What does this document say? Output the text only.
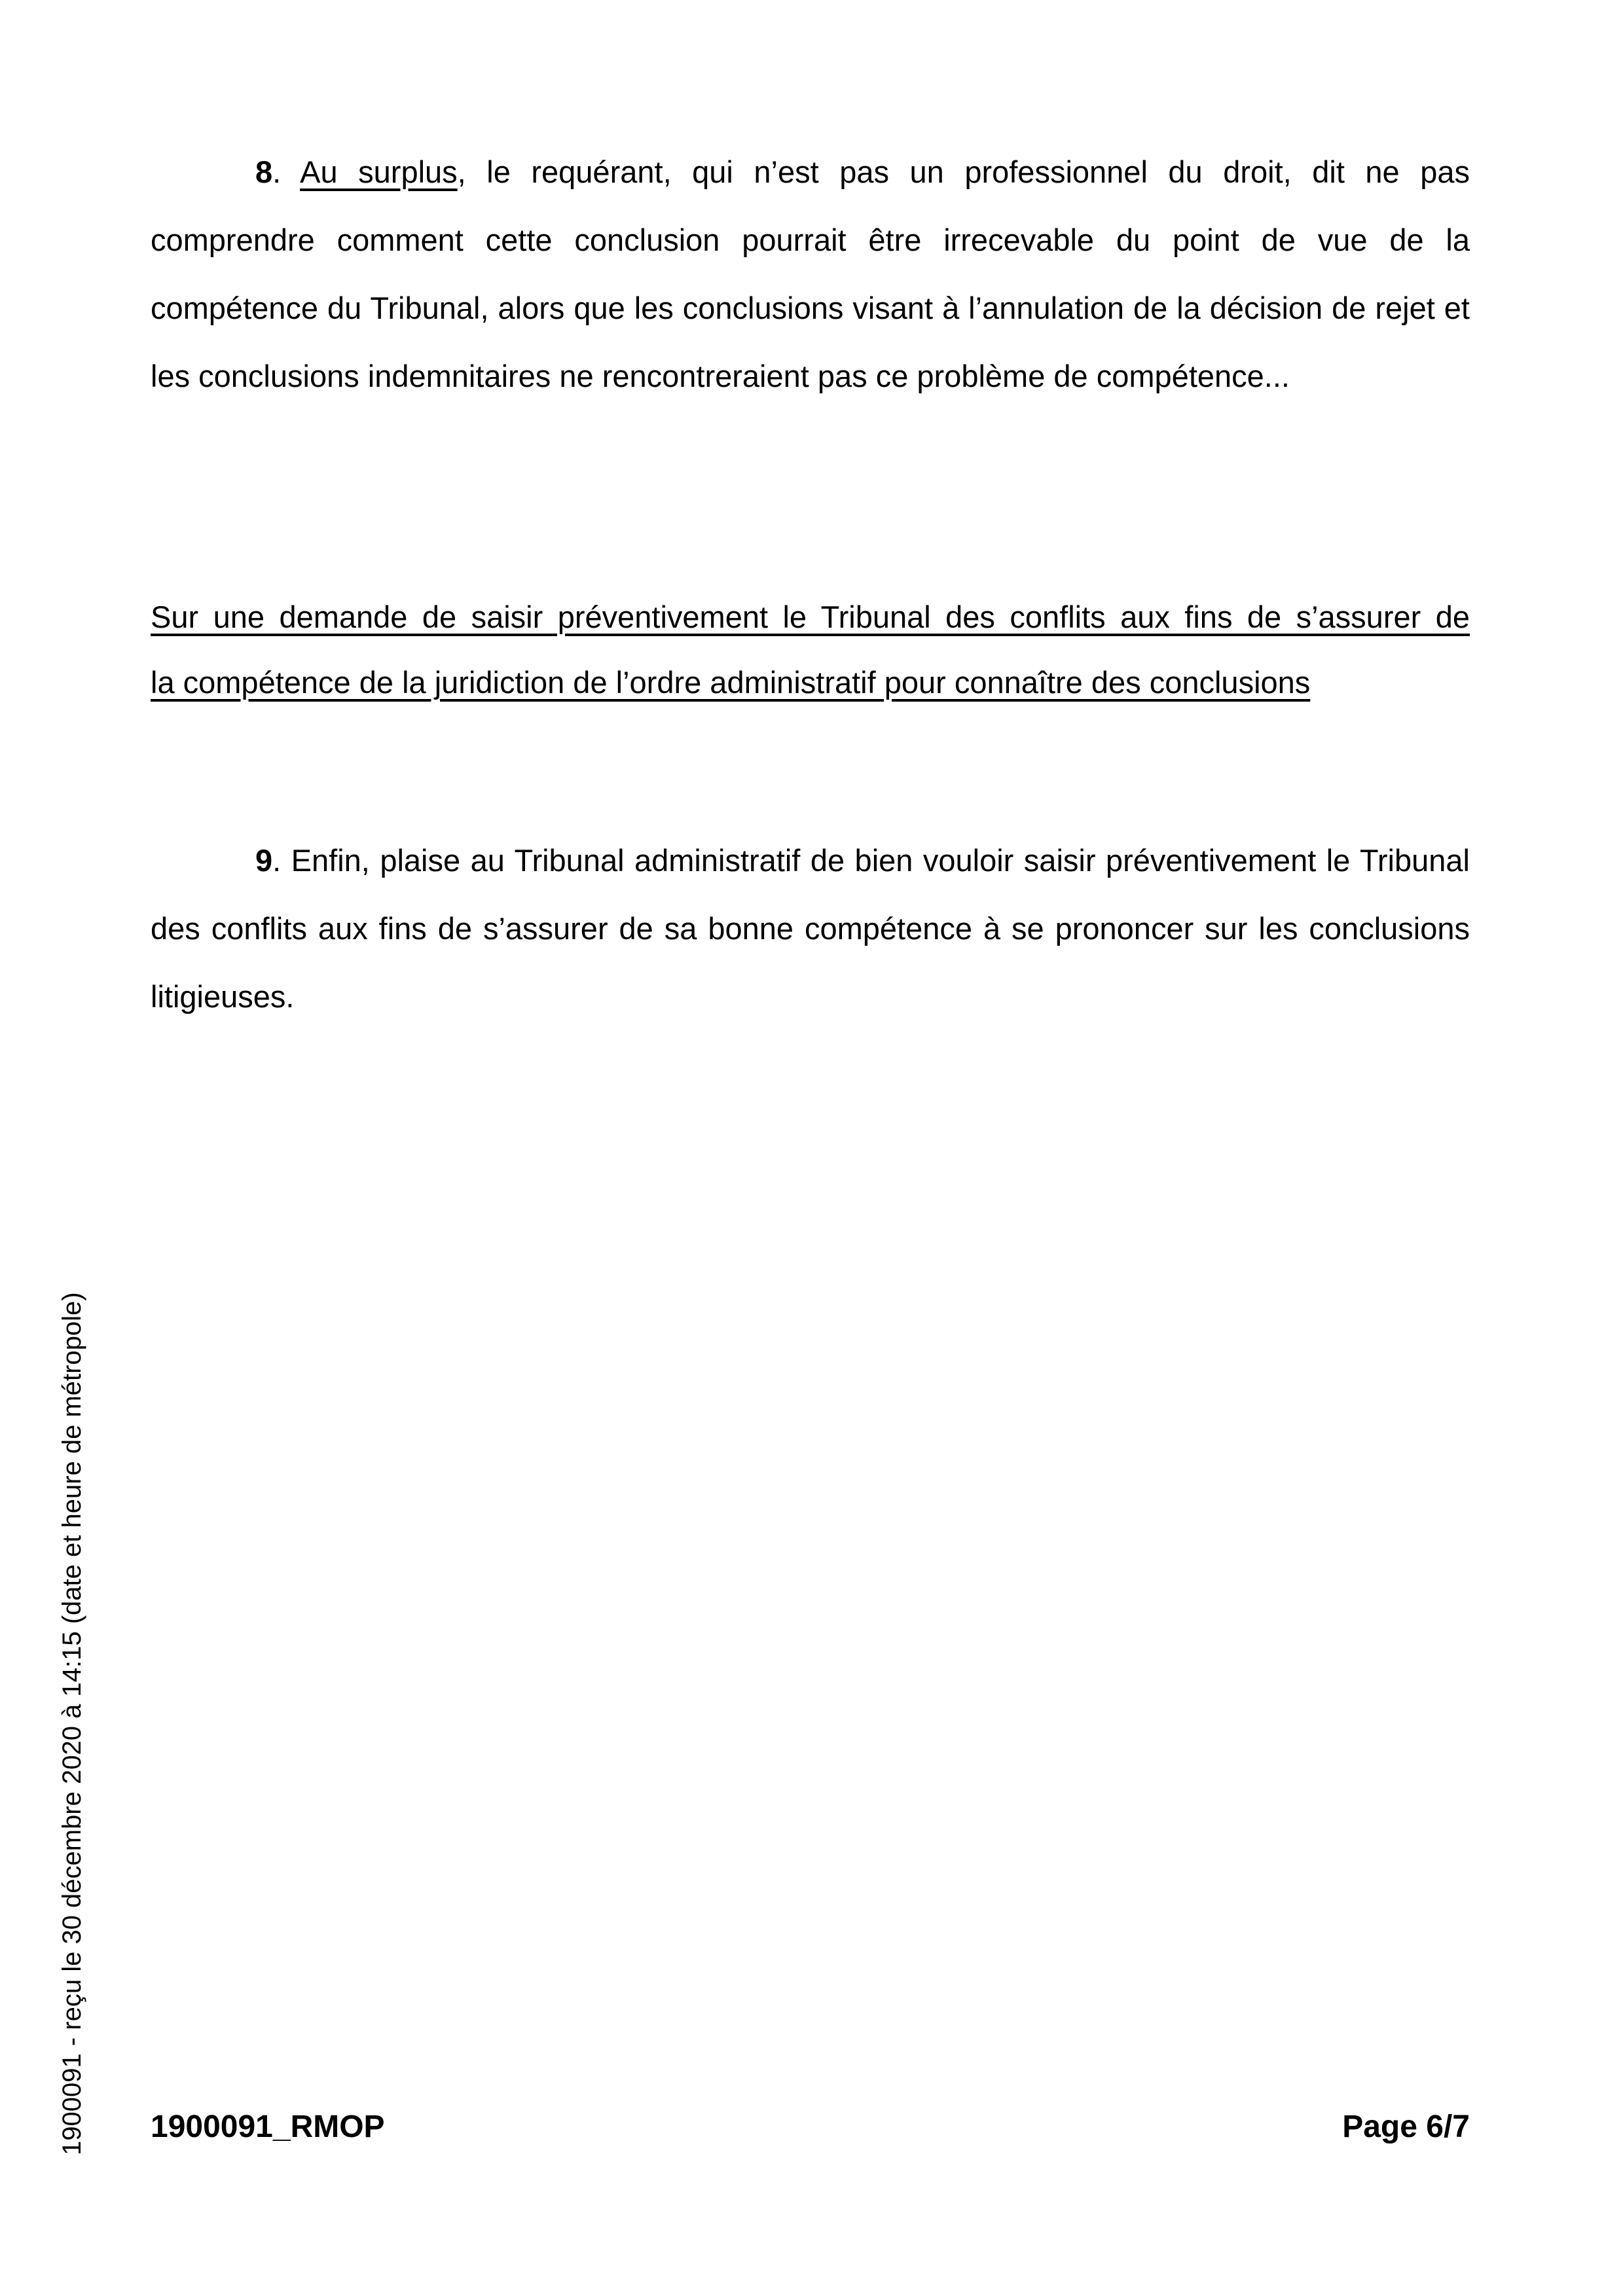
1900091 - reçu le 30 décembre 2020 à 14:15 (date et heure de métropole)
8. Au surplus, le requérant, qui n’est pas un professionnel du droit, dit ne pas comprendre comment cette conclusion pourrait être irrecevable du point de vue de la compétence du Tribunal, alors que les conclusions visant à l’annulation de la décision de rejet et les conclusions indemnitaires ne rencontreraient pas ce problème de compétence...
Sur une demande de saisir préventivement le Tribunal des conflits aux fins de s’assurer de
la compétence de la juridiction de l’ordre administratif pour connaître des conclusions
9. Enfin, plaise au Tribunal administratif de bien vouloir saisir préventivement le Tribunal des conflits aux fins de s’assurer de sa bonne compétence à se prononcer sur les conclusions litigieuses.
1900091_RMOP	Page 6/7
